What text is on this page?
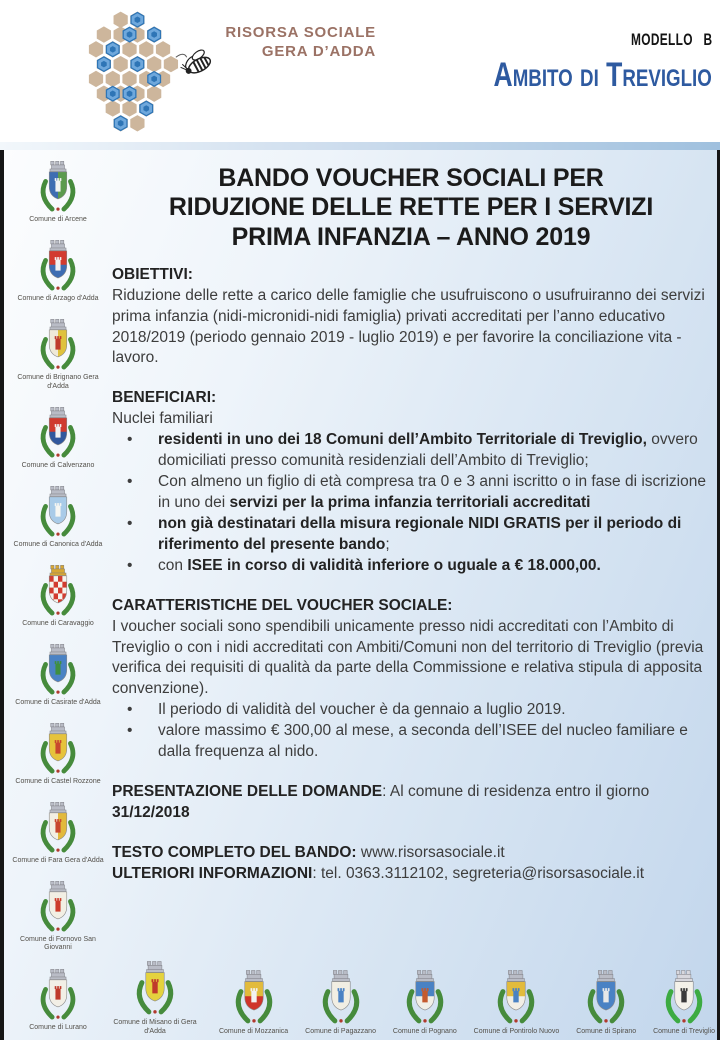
RISORSA SOCIALE
GERA D’ADDA
MODELLO B
Ambito di Treviglio
Comune di Arcene
Comune di Arzago d'Adda
Comune di Brignano Gera d'Adda
Comune di Calvenzano
Comune di Canonica d'Adda
Comune di Caravaggio
Comune di Casirate d'Adda
Comune di Castel Rozzone
Comune di Fara Gera d'Adda
Comune di Fornovo San Giovanni
Comune di Lurano
BANDO VOUCHER SOCIALI PER
RIDUZIONE DELLE RETTE PER I SERVIZI
PRIMA INFANZIA – ANNO 2019
OBIETTIVI:
Riduzione delle rette a carico delle famiglie che usufruiscono o usufruiranno dei servizi prima infanzia (nidi-micronidi-nidi famiglia) privati accreditati per l’anno educativo 2018/2019 (periodo gennaio 2019 - luglio 2019) e per favorire la conciliazione vita - lavoro.
BENEFICIARI:
Nuclei familiari
• residenti in uno dei 18 Comuni dell’Ambito Territoriale di Treviglio, ovvero domiciliati presso comunità residenziali dell’Ambito di Treviglio;
• Con almeno un figlio di età compresa tra 0 e 3 anni iscritto o in fase di iscrizione in uno dei servizi per la prima infanzia territoriali accreditati
• non già destinatari della misura regionale NIDI GRATIS per il periodo di riferimento del presente bando;
• con ISEE in corso di validità inferiore o uguale a € 18.000,00.
CARATTERISTICHE DEL VOUCHER SOCIALE:
I voucher sociali sono spendibili unicamente presso nidi accreditati con l’Ambito di Treviglio o con i nidi accreditati con Ambiti/Comuni non del territorio di Treviglio (previa verifica dei requisiti di qualità da parte della Commissione e relativa stipula di apposita convenzione).
• Il periodo di validità del voucher è da gennaio a luglio 2019.
• valore massimo € 300,00 al mese, a seconda dell’ISEE del nucleo familiare e dalla frequenza al nido.
PRESENTAZIONE DELLE DOMANDE: Al comune di residenza entro il giorno 31/12/2018
TESTO COMPLETO DEL BANDO: www.risorsasociale.it
ULTERIORI INFORMAZIONI: tel. 0363.3112102, segreteria@risorsasociale.it
Comune di Misano di Gera d'Adda	Comune di Mozzanica Comune di Pagazzano Comune di Pognano Comune di Pontirolo Nuovo Comune di Spirano Comune di Treviglio
